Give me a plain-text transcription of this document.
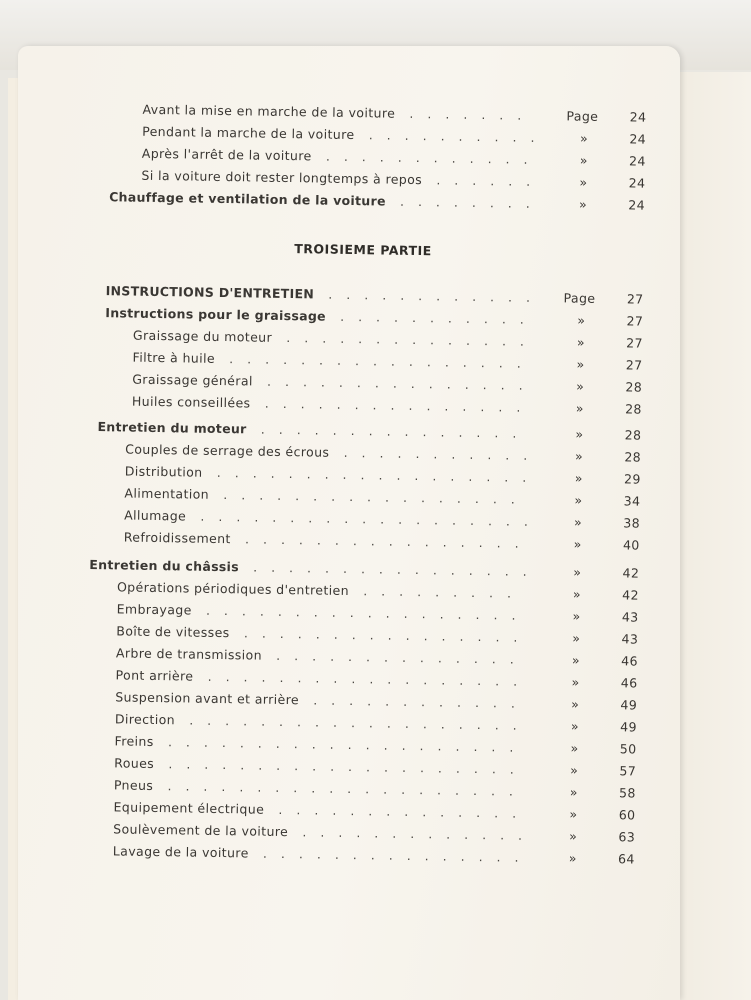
TROISIEME PARTIE
Avant la mise en marche de la voiture	Page	24
.......
Pendant la marche de la voiture	»	24
..........
Après l'arrêt de la voiture	»	24
............
Si la voiture doit rester longtemps à repos	»	24
......
Chauffage et ventilation de la voiture	»	24
........
INSTRUCTIONS D'ENTRETIEN	Page	27
............
Instructions pour le graissage	»	27
...........
Graissage du moteur	»	27
..............
Filtre à huile	»	27
.................
Graissage général	»	28
...............
Huiles conseillées	»	28
...............
Entretien du moteur	»	28
...............
Couples de serrage des écrous	»	28
...........
Distribution	»	29
..................
Alimentation	»	34
.................
Allumage	»	38
...................
Refroidissement	»	40
................
Entretien du châssis	»	42
................
Opérations périodiques d'entretien	»	42
.........
Embrayage	»	43
..................
Boîte de vitesses	»	43
................
Arbre de transmission	»	46
..............
Pont arrière	»	46
..................
Suspension avant et arrière	»	49
............
Direction	»	49
...................
Freins	»	50
....................
Roues	»	57
....................
Pneus	»	58
....................
Equipement électrique	»	60
..............
Soulèvement de la voiture	»	63
.............
Lavage de la voiture	»	64
...............
